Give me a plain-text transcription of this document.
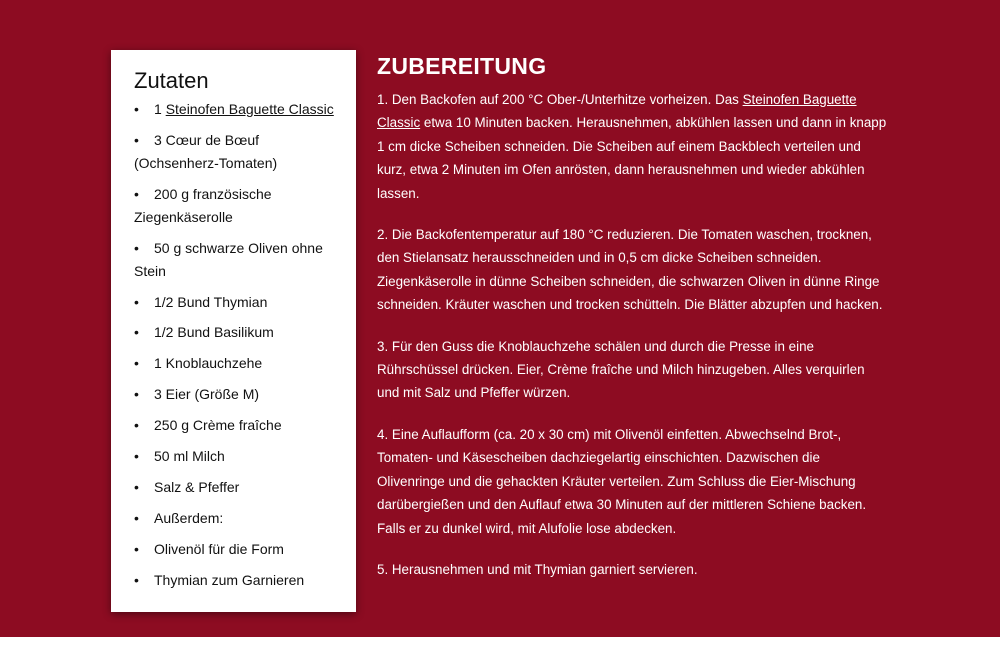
Zutaten
• 1 Steinofen Baguette Classic
• 3 Cœur de Bœuf (Ochsenherz-Tomaten)
• 200 g französische Ziegenkäserolle
• 50 g schwarze Oliven ohne Stein
• 1/2 Bund Thymian
• 1/2 Bund Basilikum
• 1 Knoblauchzehe
• 3 Eier (Größe M)
• 250 g Crème fraîche
• 50 ml Milch
• Salz & Pfeffer
• Außerdem:
• Olivenöl für die Form
• Thymian zum Garnieren
ZUBEREITUNG

1. Den Backofen auf 200 °C Ober-/Unterhitze vorheizen. Das Steinofen Baguette Classic etwa 10 Minuten backen. Herausnehmen, abkühlen lassen und dann in knapp 1 cm dicke Scheiben schneiden. Die Scheiben auf einem Backblech verteilen und kurz, etwa 2 Minuten im Ofen anrösten, dann herausnehmen und wieder abkühlen lassen.

2. Die Backofentemperatur auf 180 °C reduzieren. Die Tomaten waschen, trocknen, den Stielansatz herausschneiden und in 0,5 cm dicke Scheiben schneiden. Ziegenkäserolle in dünne Scheiben schneiden, die schwarzen Oliven in dünne Ringe schneiden. Kräuter waschen und trocken schütteln. Die Blätter abzupfen und hacken.

3. Für den Guss die Knoblauchzehe schälen und durch die Presse in eine Rührschüssel drücken. Eier, Crème fraîche und Milch hinzugeben. Alles verquirlen und mit Salz und Pfeffer würzen.

4. Eine Auflaufform (ca. 20 x 30 cm) mit Olivenöl einfetten. Abwechselnd Brot-, Tomaten- und Käsescheiben dachziegelartig einschichten. Dazwischen die Olivenringe und die gehackten Kräuter verteilen. Zum Schluss die Eier-Mischung darübergießen und den Auflauf etwa 30 Minuten auf der mittleren Schiene backen. Falls er zu dunkel wird, mit Alufolie lose abdecken.

5. Herausnehmen und mit Thymian garniert servieren.
